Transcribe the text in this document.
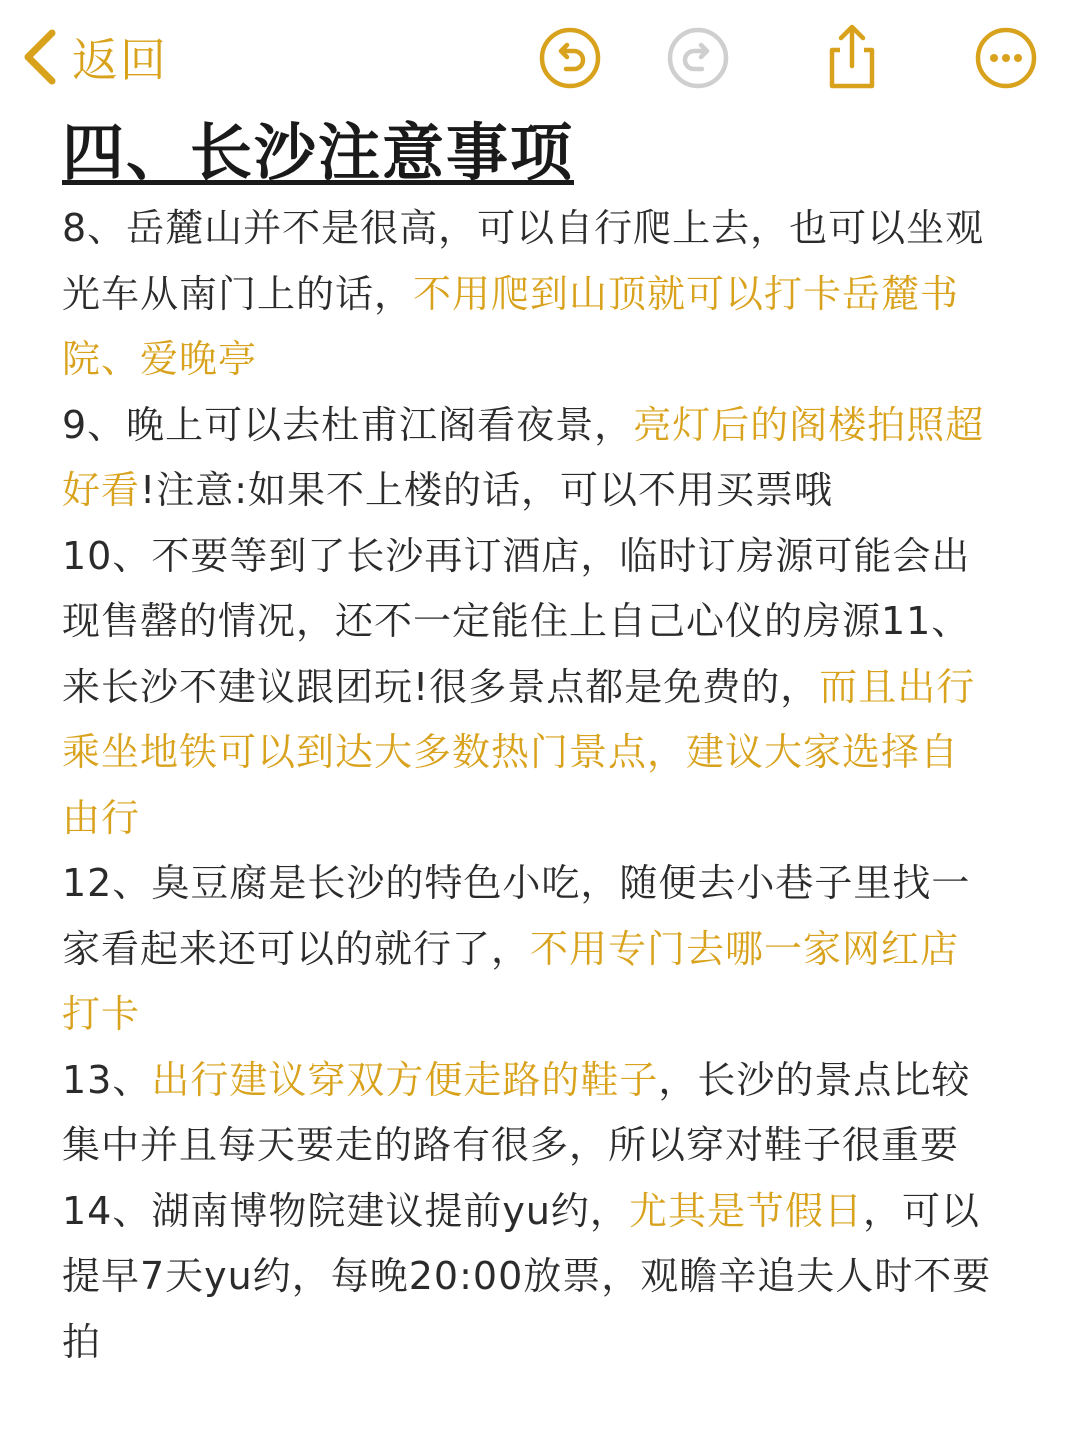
返回
四、长沙注意事项

8、岳麓山并不是很高，可以自行爬上去，也可以坐观光车从南门上的话，不用爬到山顶就可以打卡岳麓书院、爱晚亭

9、晚上可以去杜甫江阁看夜景，亮灯后的阁楼拍照超好看!注意:如果不上楼的话，可以不用买票哦

10、不要等到了长沙再订酒店，临时订房源可能会出现售罄的情况，还不一定能住上自己心仪的房源11、来长沙不建议跟团玩!很多景点都是免费的，而且出行乘坐地铁可以到达大多数热门景点，建议大家选择自由行

12、臭豆腐是长沙的特色小吃，随便去小巷子里找一家看起来还可以的就行了，不用专门去哪一家网红店打卡

13、出行建议穿双方便走路的鞋子，长沙的景点比较集中并且每天要走的路有很多，所以穿对鞋子很重要

14、湖南博物院建议提前yu约，尤其是节假日，可以提早7天yu约，每晚20:00放票，观瞻辛追夫人时不要拍
